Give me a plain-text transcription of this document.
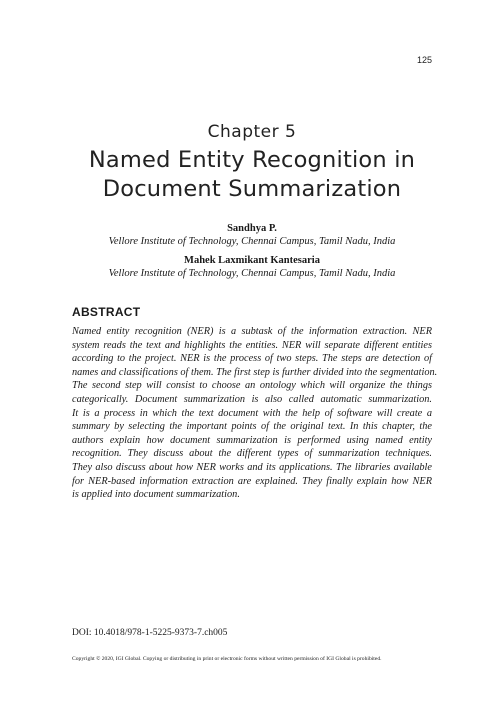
125
Chapter 5
Named Entity Recognition in
Document Summarization
Sandhya P.
Vellore Institute of Technology, Chennai Campus, Tamil Nadu, India
Mahek Laxmikant Kantesaria
Vellore Institute of Technology, Chennai Campus, Tamil Nadu, India
ABSTRACT
Named entity recognition (NER) is a subtask of the information extraction. NER
system reads the text and highlights the entities. NER will separate different entities
according to the project. NER is the process of two steps. The steps are detection of
names and classifications of them. The first step is further divided into the segmentation.
The second step will consist to choose an ontology which will organize the things
categorically. Document summarization is also called automatic summarization.
It is a process in which the text document with the help of software will create a
summary by selecting the important points of the original text. In this chapter, the
authors explain how document summarization is performed using named entity
recognition. They discuss about the different types of summarization techniques.
They also discuss about how NER works and its applications. The libraries available
for NER-based information extraction are explained. They finally explain how NER
is applied into document summarization.
DOI: 10.4018/978-1-5225-9373-7.ch005
Copyright © 2020, IGI Global. Copying or distributing in print or electronic forms without written permission of IGI Global is prohibited.
